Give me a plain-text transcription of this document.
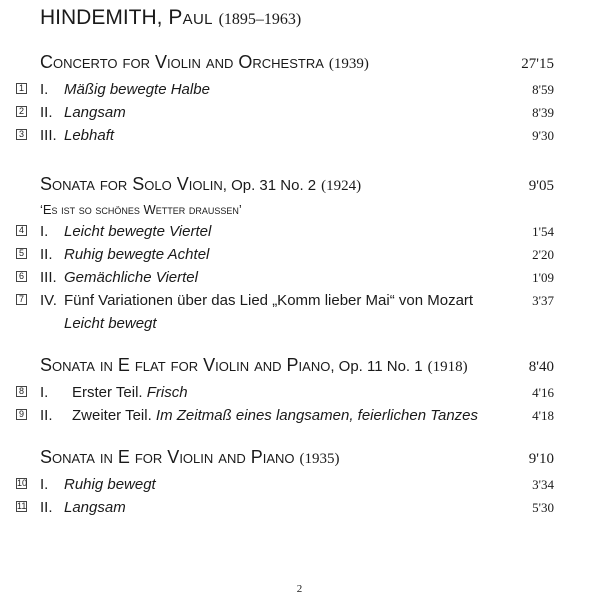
HINDEMITH, Paul (1895–1963)
Concerto for Violin and Orchestra (1939)	27'15
1 I.	Mäßig bewegte Halbe	8'59
2 II. Langsam	8'39
3 III. Lebhaft	9'30
Sonata for Solo Violin, Op. 31 No. 2 (1924)	9'05
‘Es ist so schönes Wetter draussen’
4 I.	Leicht bewegte Viertel	1'54
5 II. Ruhig bewegte Achtel	2'20
6 III. Gemächliche Viertel	1'09
7 IV. Fünf Variationen über das Lied „Komm lieber Mai“ von Mozart	3'37
Leicht bewegt
Sonata in E flat for Violin and Piano, Op. 11 No. 1 (1918)	8'40
8 I.	Erster Teil. Frisch	4'16
9 II.	Zweiter Teil. Im Zeitmaß eines langsamen, feierlichen Tanzes	4'18
Sonata in E for Violin and Piano (1935)	9'10
10 I.	Ruhig bewegt	3'34
11 II. Langsam	5'30
2
